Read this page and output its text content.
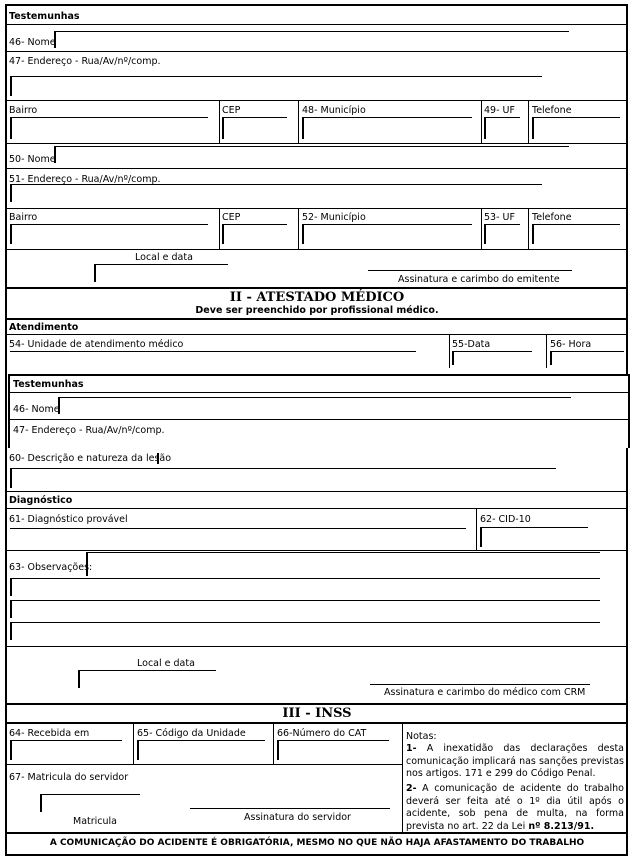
Testemunhas
46- Nome
47- Endereço - Rua/Av/nº/comp.
Bairro	CEP	48- Município	49- UF Telefone
50- Nome
51- Endereço - Rua/Av/nº/comp.
Bairro	CEP	52- Município	53- UF Telefone
Local e data
Assinatura e carimbo do emitente
II - ATESTADO MÉDICO
Deve ser preenchido por profissional médico.
Atendimento
54- Unidade de atendimento médico	55-Data	56- Hora
Testemunhas
46- Nome
47- Endereço - Rua/Av/nº/comp.
60- Descrição e natureza da lesão
Diagnóstico
61- Diagnóstico provável	62- CID-10
63- Observações:
Local e data
Assinatura e carimbo do médico com CRM
III - INSS
64- Recebida em	65- Código da Unidade	66-Número do CAT
67- Matricula do servidor
Matricula	Assinatura do servidor
Notas:
1- A inexatidão das declarações desta comunicação implicará nas sanções previstas nos artigos. 171 e 299 do Código Penal.
2- A comunicação de acidente do trabalho deverá ser feita até o 1º dia útil após o acidente, sob pena de multa, na forma prevista no art. 22 da Lei nº 8.213/91.
A COMUNICAÇÃO DO ACIDENTE É OBRIGATÓRIA, MESMO NO QUE NÃO HAJA AFASTAMENTO DO TRABALHO
